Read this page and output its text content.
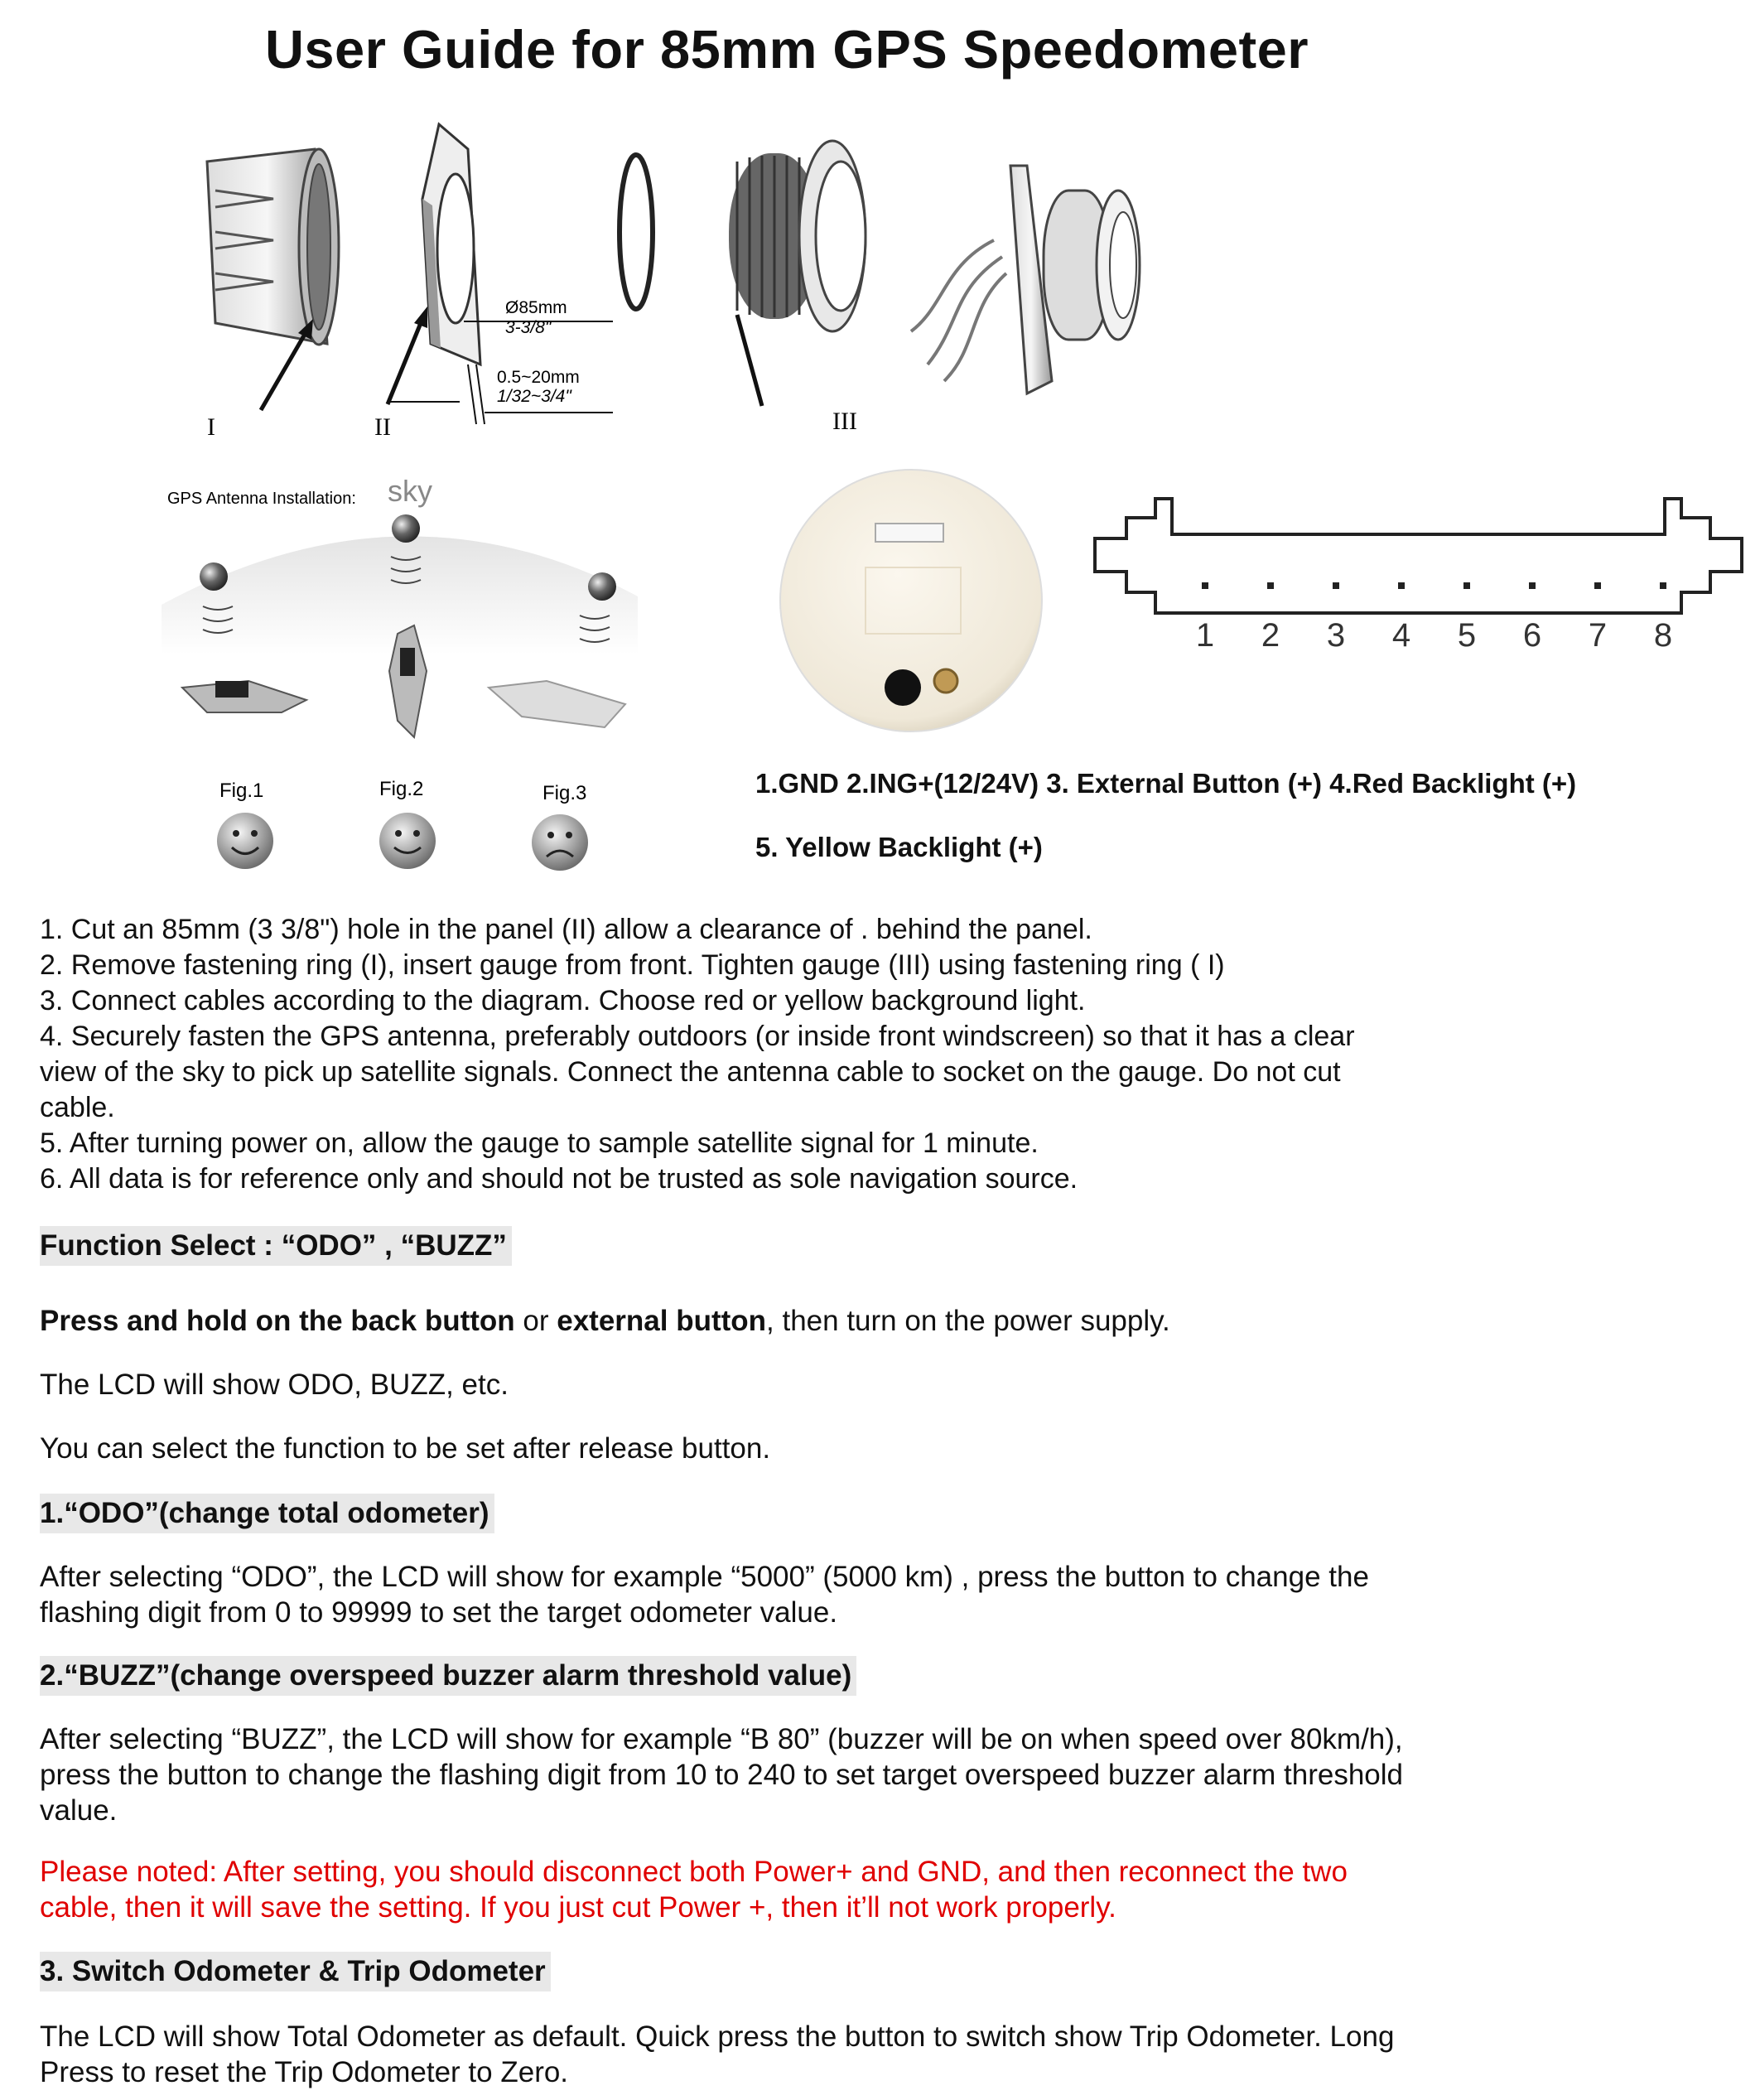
User Guide for 85mm GPS Speedometer
I
Ø85mm
3-3/8"
0.5~20mm
1/32~3/4"
II	III
GPS Antenna Installation: sky
Fig.1	Fig.2	Fig.3
1 2 3 4 5 6 7 8
1.GND 2.ING+(12/24V) 3. External Button (+) 4.Red Backlight (+)
5. Yellow Backlight (+)

1. Cut an 85mm (3 3/8") hole in the panel (II) allow a clearance of . behind the panel.

2. Remove fastening ring (I), insert gauge from front. Tighten gauge (III) using fastening ring ( I)

3. Connect cables according to the diagram. Choose red or yellow background light.

4. Securely fasten the GPS antenna, preferably outdoors (or inside front windscreen) so that it has a clear

view of the sky to pick up satellite signals. Connect the antenna cable to socket on the gauge. Do not cut

cable.

5. After turning power on, allow the gauge to sample satellite signal for 1 minute.

6. All data is for reference only and should not be trusted as sole navigation source.

Function Select : “ODO” , “BUZZ”
Press and hold on the back button or external button, then turn on the power supply.
The LCD will show ODO, BUZZ, etc.
You can select the function to be set after release button.
1.“ODO”(change total odometer)
After selecting “ODO”, the LCD will show for example “5000” (5000 km) , press the button to change the
flashing digit from 0 to 99999 to set the target odometer value.
2.“BUZZ”(change overspeed buzzer alarm threshold value)
After selecting “BUZZ”, the LCD will show for example “B 80” (buzzer will be on when speed over 80km/h),
press the button to change the flashing digit from 10 to 240 to set target overspeed buzzer alarm threshold
value.
Please noted: After setting, you should disconnect both Power+ and GND, and then reconnect the two
cable, then it will save the setting. If you just cut Power +, then it’ll not work properly.
3. Switch Odometer & Trip Odometer
The LCD will show Total Odometer as default. Quick press the button to switch show Trip Odometer. Long
Press to reset the Trip Odometer to Zero.
